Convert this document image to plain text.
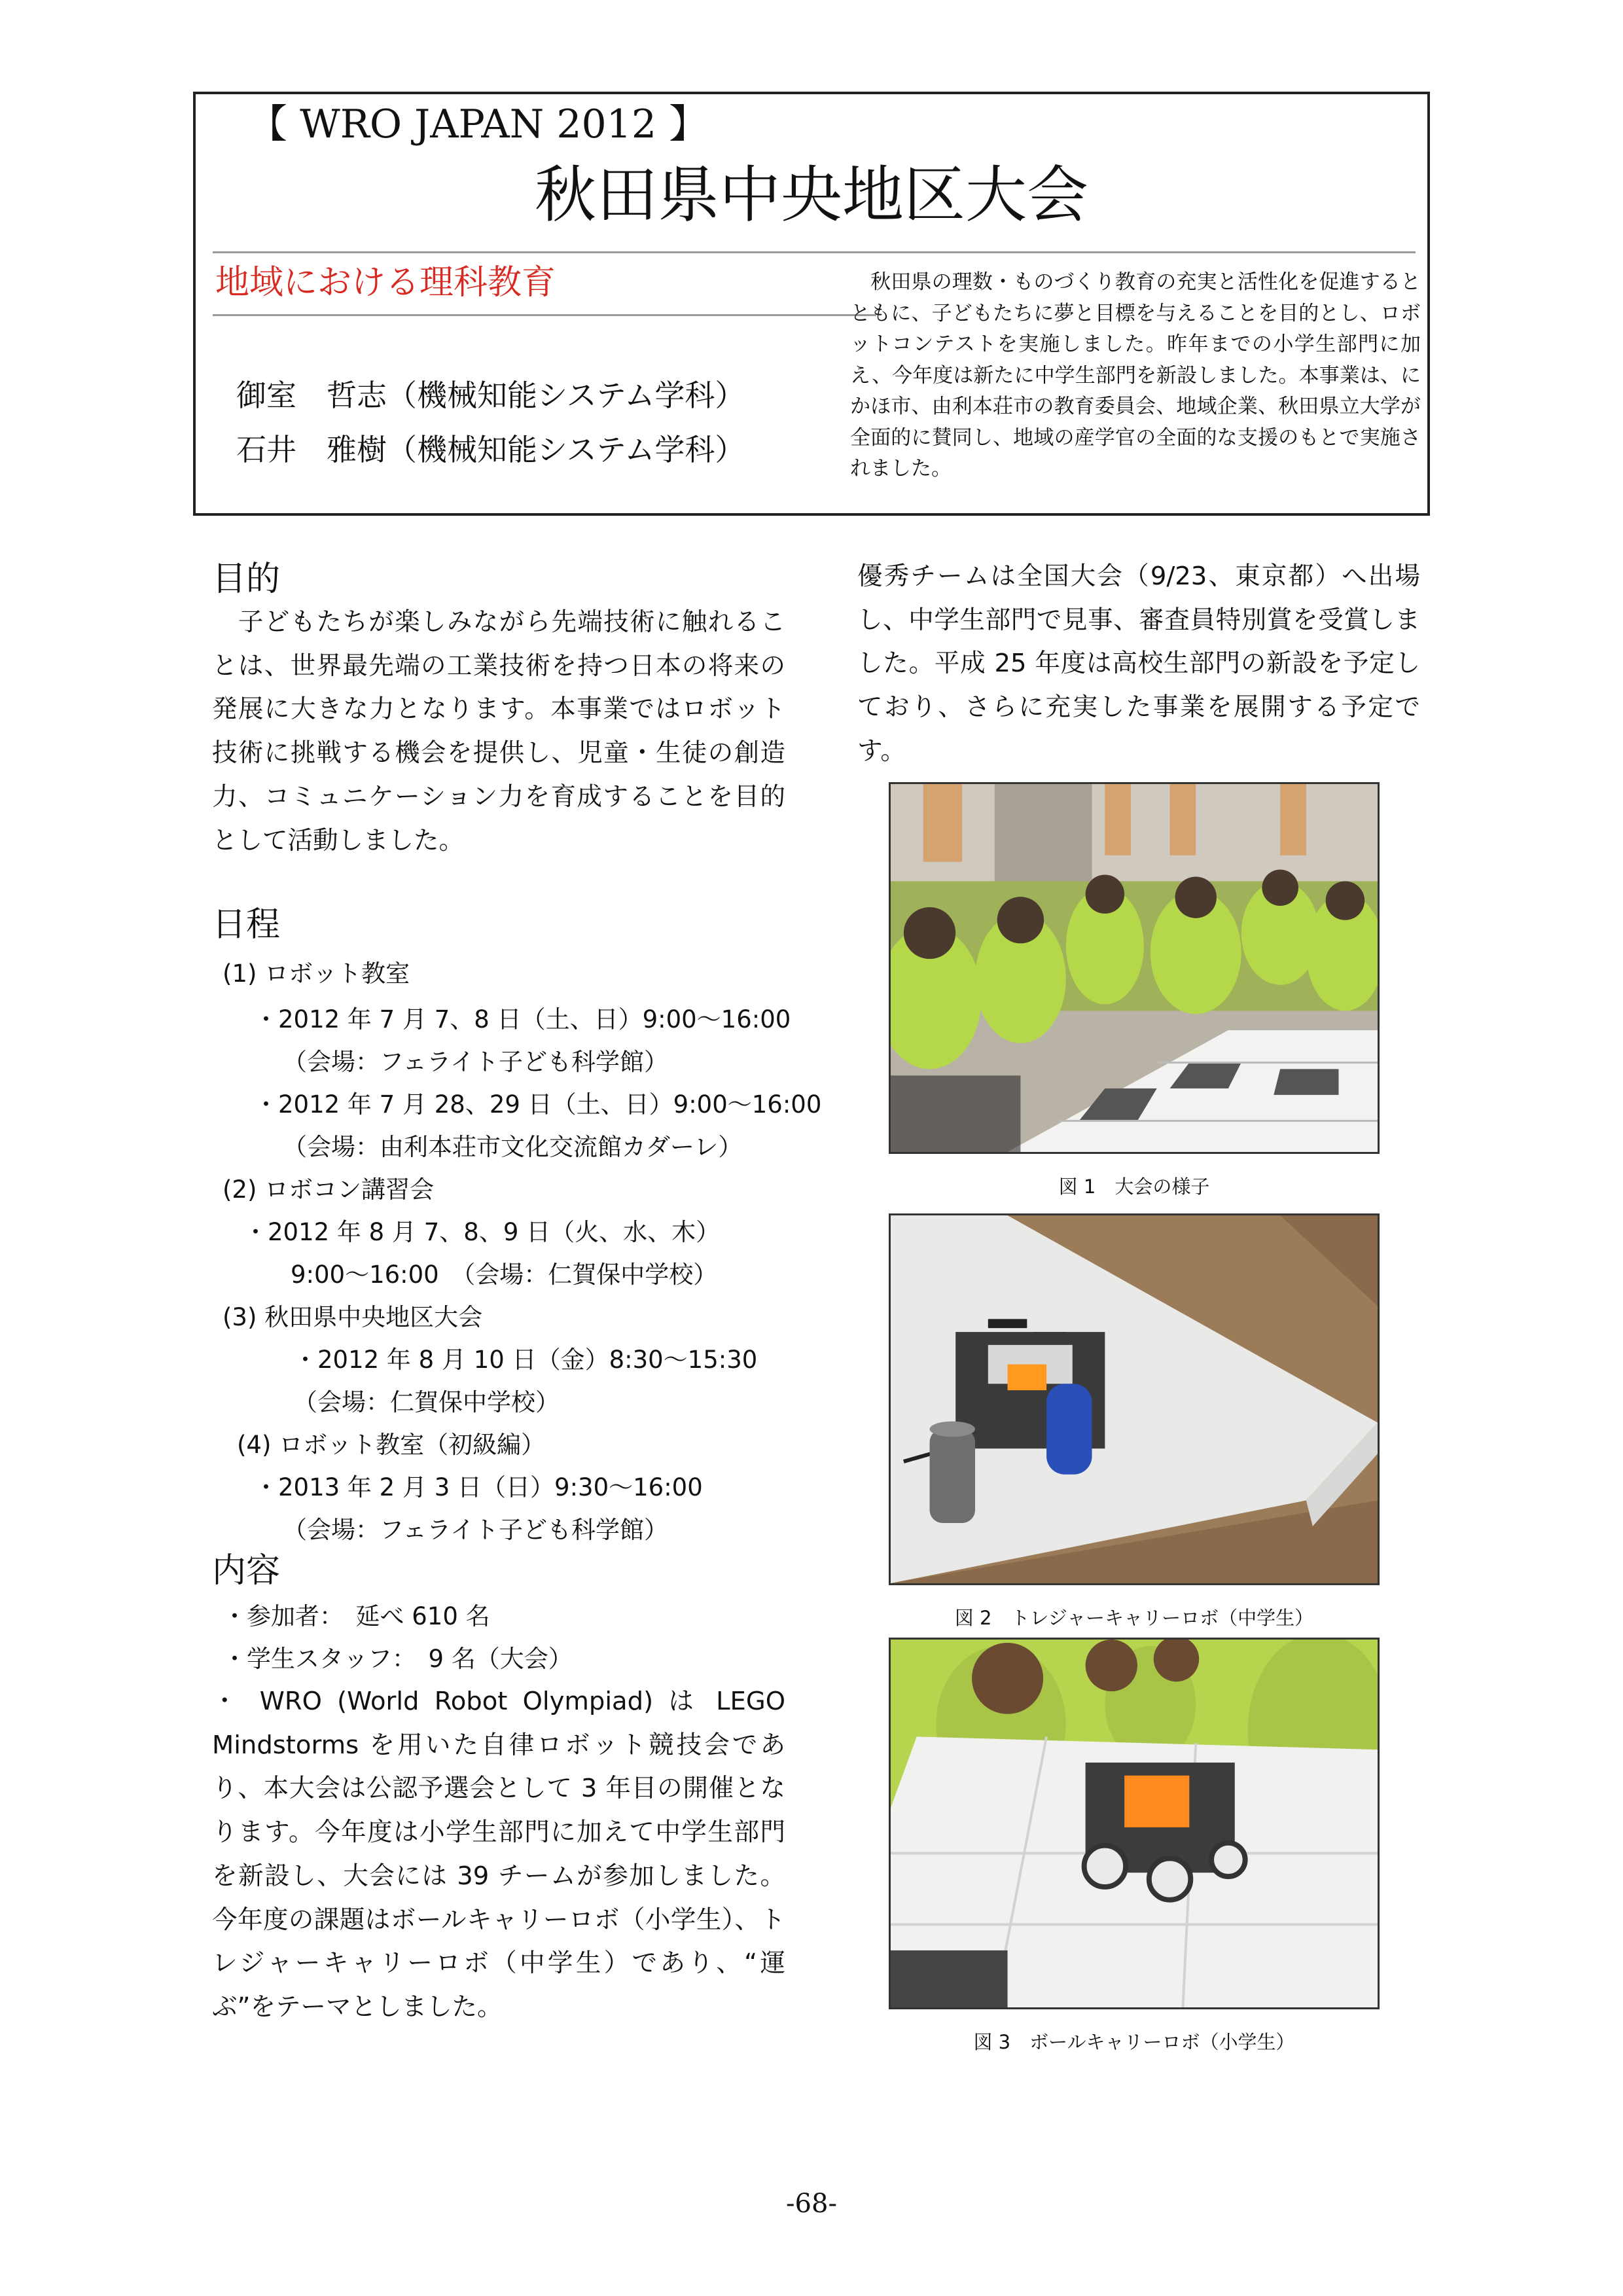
【 WRO JAPAN 2012 】
秋田県中央地区大会
地域における理科教育
御室　哲志（機械知能システム学科）
石井　雅樹（機械知能システム学科）
　秋田県の理数・ものづくり教育の充実と活性化を促進するとともに、子どもたちに夢と目標を与えることを目的とし、ロボットコンテストを実施しました。昨年までの小学生部門に加え、今年度は新たに中学生部門を新設しました。本事業は、にかほ市、由利本荘市の教育委員会、地域企業、秋田県立大学が全面的に賛同し、地域の産学官の全面的な支援のもとで実施されました。
目的
　子どもたちが楽しみながら先端技術に触れることは、世界最先端の工業技術を持つ日本の将来の発展に大きな力となります。本事業ではロボット技術に挑戦する機会を提供し、児童・生徒の創造力、コミュニケーション力を育成することを目的として活動しました。
日程
(1) ロボット教室
・2012 年 7 月 7、8 日（土、日）9:00〜16:00
（会場：フェライト子ども科学館）
・2012 年 7 月 28、29 日（土、日）9:00〜16:00
（会場：由利本荘市文化交流館カダーレ）
(2) ロボコン講習会
・2012 年 8 月 7、8、9 日（火、水、木）
9:00〜16:00　（会場：仁賀保中学校）
(3) 秋田県中央地区大会
・2012 年 8 月 10 日（金）8:30〜15:30
（会場：仁賀保中学校）
(4) ロボット教室（初級編）
・2013 年 2 月 3 日（日）9:30〜16:00
（会場：フェライト子ども科学館）
内容
・参加者：　延べ 610 名
・学生スタッフ：　9 名（大会）
・ WRO (World Robot Olympiad) は LEGO Mindstorms を用いた自律ロボット競技会であり、本大会は公認予選会として 3 年目の開催となります。今年度は小学生部門に加えて中学生部門を新設し、大会には 39 チームが参加しました。今年度の課題はボールキャリーロボ（小学生）、トレジャーキャリーロボ（中学生）であり、“運ぶ”をテーマとしました。
優秀チームは全国大会（9/23、東京都）へ出場し、中学生部門で見事、審査員特別賞を受賞しました。平成 25 年度は高校生部門の新設を予定しており、さらに充実した事業を展開する予定です。
図 1　大会の様子
図 2　トレジャーキャリーロボ（中学生）
図 3　ボールキャリーロボ（小学生）
-68-
